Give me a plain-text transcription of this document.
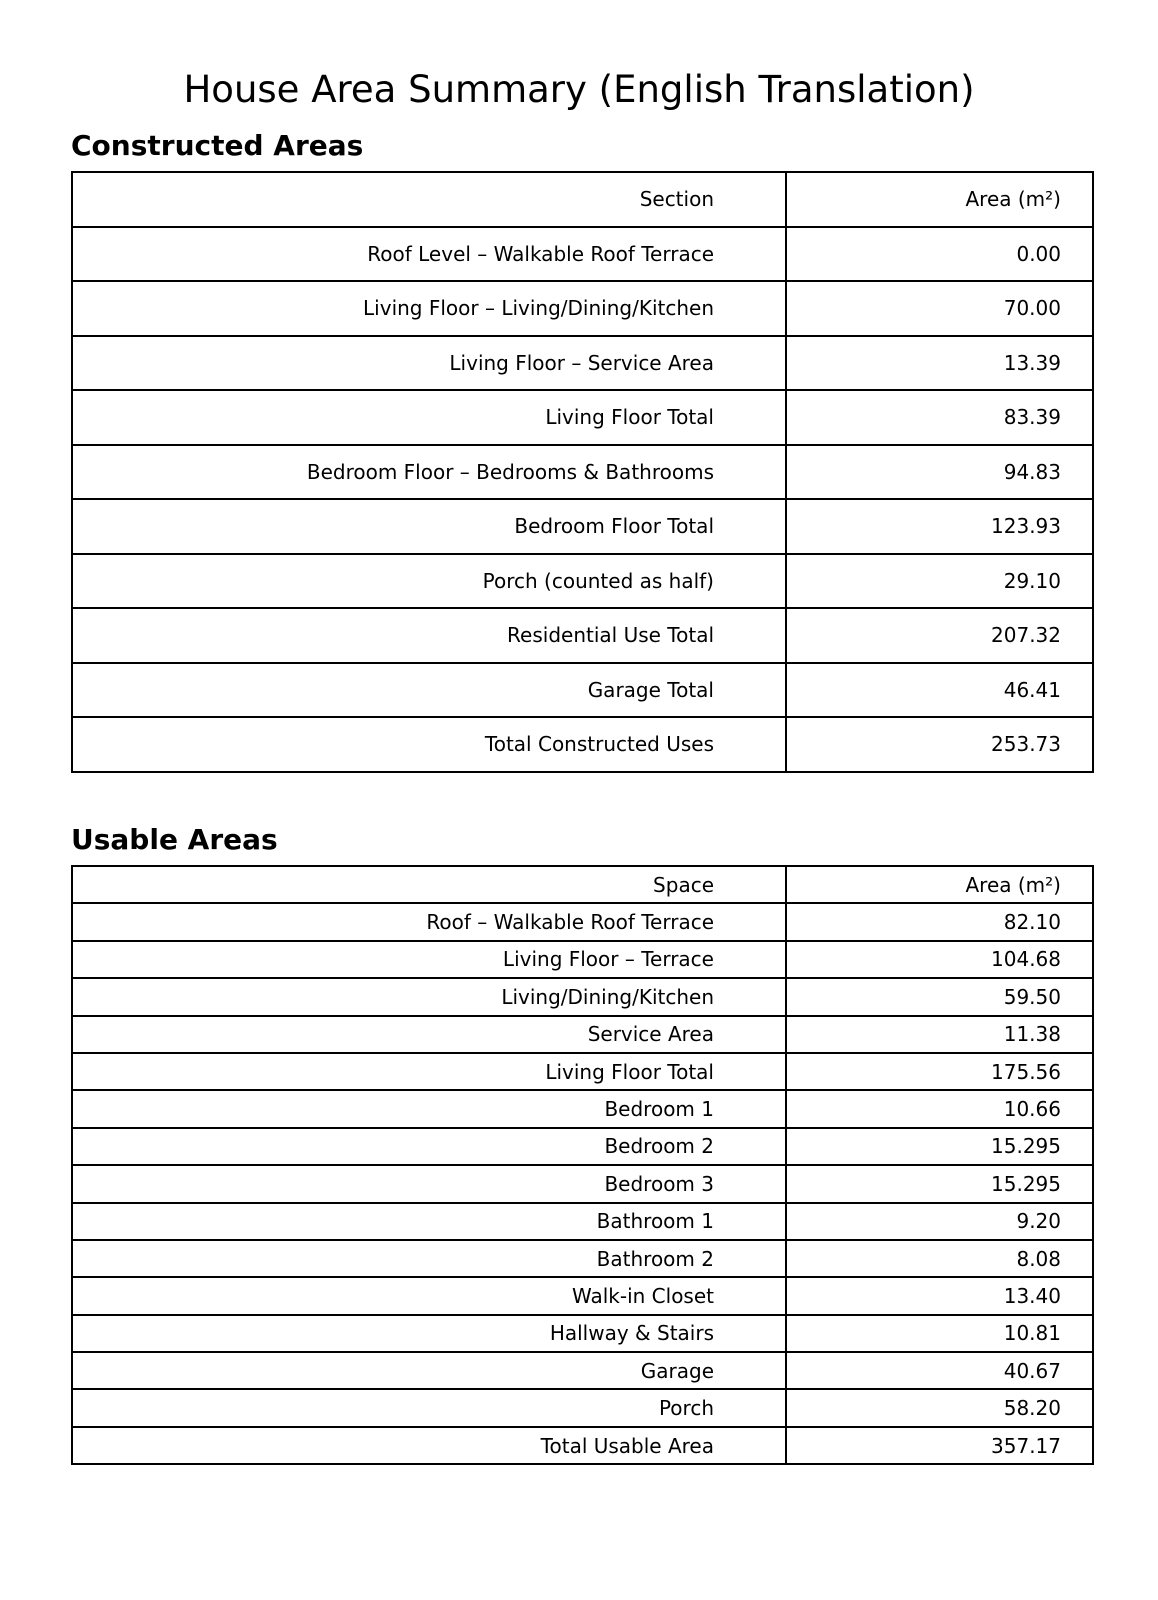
House Area Summary (English Translation)
Constructed Areas
Section	Area (m²)
Roof Level – Walkable Roof Terrace	0.00
Living Floor – Living/Dining/Kitchen	70.00
Living Floor – Service Area	13.39
Living Floor Total	83.39
Bedroom Floor – Bedrooms & Bathrooms	94.83
Bedroom Floor Total	123.93
Porch (counted as half)	29.10
Residential Use Total	207.32
Garage Total	46.41
Total Constructed Uses	253.73
Usable Areas
Space	Area (m²)
Roof – Walkable Roof Terrace	82.10
Living Floor – Terrace	104.68
Living/Dining/Kitchen	59.50
Service Area	11.38
Living Floor Total	175.56
Bedroom 1	10.66
Bedroom 2	15.295
Bedroom 3	15.295
Bathroom 1	9.20
Bathroom 2	8.08
Walk-in Closet	13.40
Hallway & Stairs	10.81
Garage	40.67
Porch	58.20
Total Usable Area	357.17
